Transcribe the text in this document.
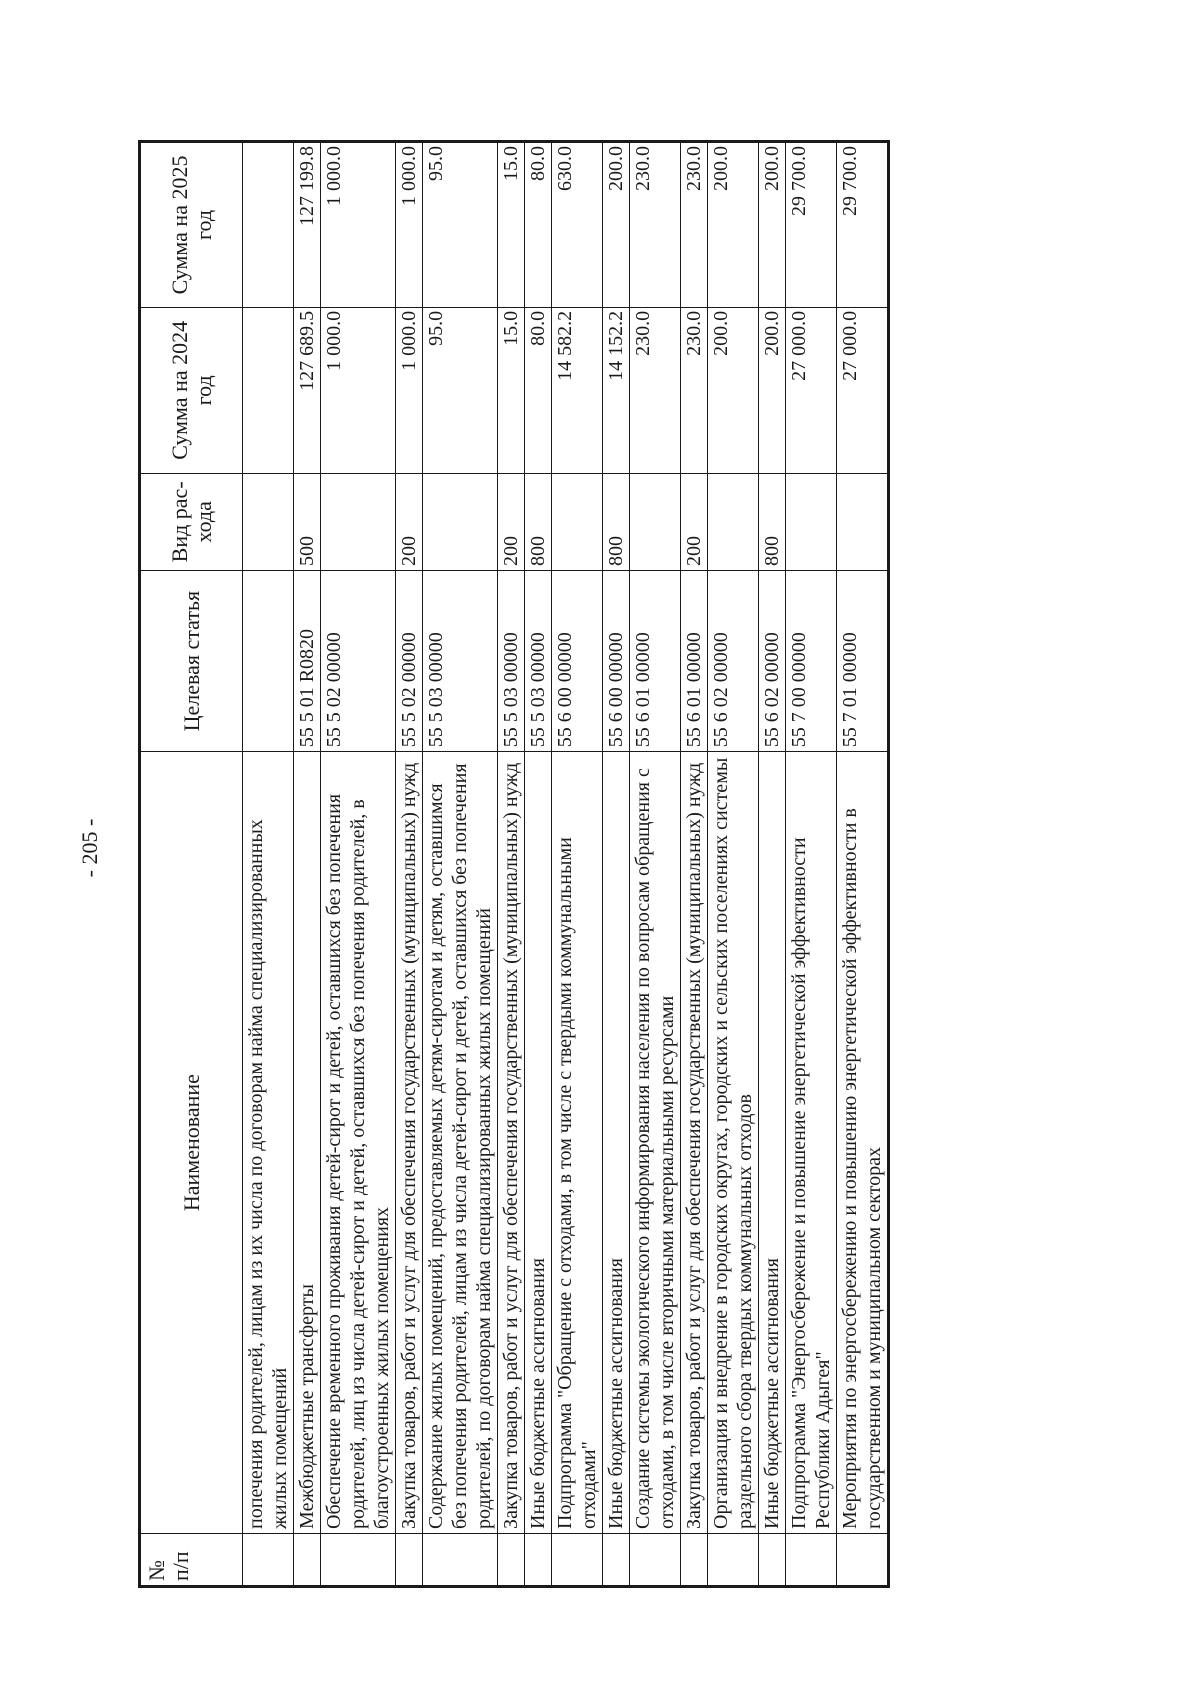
- 205 -
№ п/п	Наименование	Целевая статья	Вид рас-хода	Сумма на 2024 год	Сумма на 2025 год
	попечения родителей, лицам из их числа по договорам найма специализированных жилых помещений				
	Межбюджетные трансферты	55 5 01 R0820	500	127 689.5	127 199.8
	Обеспечение временного проживания детей-сирот и детей, оставшихся без попечения родителей, лиц из числа детей-сирот и детей, оставшихся без попечения родителей, в благоустроенных жилых помещениях	55 5 02 00000		1 000.0	1 000.0
	Закупка товаров, работ и услуг для обеспечения государственных (муниципальных) нужд	55 5 02 00000	200	1 000.0	1 000.0
	Содержание жилых помещений, предоставляемых детям-сиротам и детям, оставшимся без попечения родителей, лицам из числа детей-сирот и детей, оставшихся без попечения родителей, по договорам найма специализированных жилых помещений	55 5 03 00000		95.0	95.0
	Закупка товаров, работ и услуг для обеспечения государственных (муниципальных) нужд	55 5 03 00000	200	15.0	15.0
	Иные бюджетные ассигнования	55 5 03 00000	800	80.0	80.0
	Подпрограмма "Обращение с отходами, в том числе с твердыми коммунальными отходами"	55 6 00 00000		14 582.2	630.0
	Иные бюджетные ассигнования	55 6 00 00000	800	14 152.2	200.0
	Создание системы экологического информирования населения по вопросам обращения с отходами, в том числе вторичными материальными ресурсами	55 6 01 00000		230.0	230.0
	Закупка товаров, работ и услуг для обеспечения государственных (муниципальных) нужд	55 6 01 00000	200	230.0	230.0
	Организация и внедрение в городских округах, городских и сельских поселениях системы раздельного сбора твердых коммунальных отходов	55 6 02 00000		200.0	200.0
	Иные бюджетные ассигнования	55 6 02 00000	800	200.0	200.0
	Подпрограмма "Энергосбережение и повышение энергетической эффективности Республики Адыгея"	55 7 00 00000		27 000.0	29 700.0
	Мероприятия по энергосбережению и повышению энергетической эффективности в государственном и муниципальном секторах	55 7 01 00000		27 000.0	29 700.0
